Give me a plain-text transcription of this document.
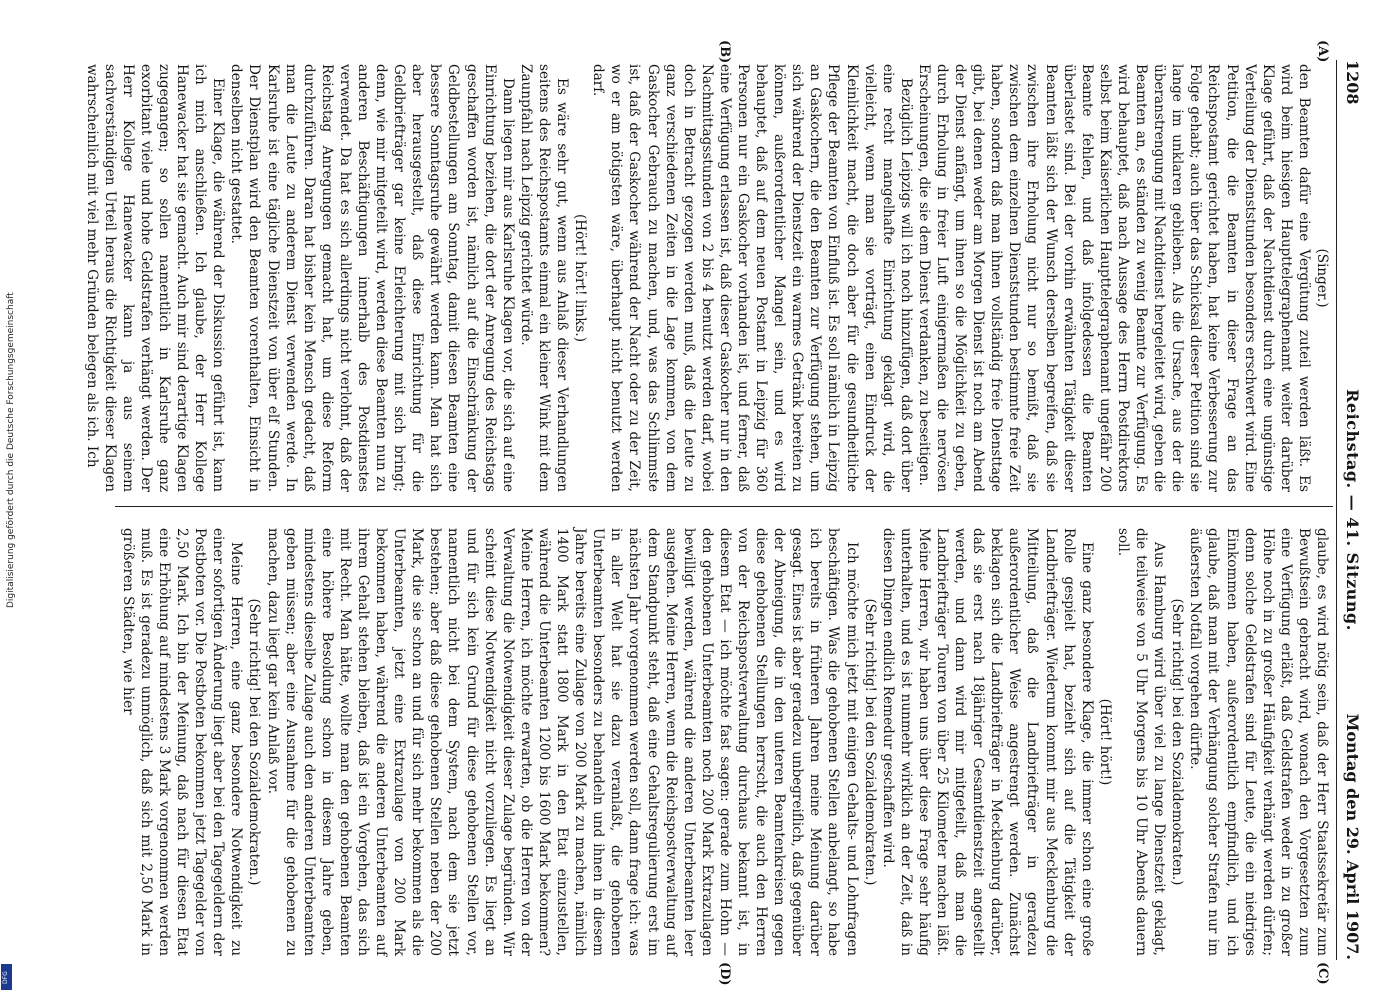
1208
Reichstag. — 41. Sitzung.
Montag den 29. April 1907.
(A)
(B)
(C)
(D)

(Singer.)

den Beamten dafür eine Vergütung zuteil werden läßt. Es wird beim hiesigen Haupttelegraphenamt weiter darüber Klage geführt, daß der Nachtdienst durch eine ungünstige Verteilung der Dienststunden besonders erschwert wird. Eine Petition, die die Beamten in dieser Frage an das Reichspostamt gerichtet haben, hat keine Verbesserung zur Folge gehabt; auch über das Schicksal dieser Petition sind sie lange im unklaren geblieben. Als die Ursache, aus der die überanstrengung mit Nachtdienst hergeleitet wird, geben die Beamten an, es ständen zu wenig Beamte zur Verfügung. Es wird behauptet, daß nach Aussage des Herrn Postdirektors selbst beim Kaiserlichen Haupttelegraphenamt ungefähr 200 Beamte fehlen, und daß infolgedessen die Beamten überlastet sind. Bei der vorhin erwähnten Tätigkeit dieser Beamten läßt sich der Wunsch derselben begreifen, daß sie zwischen ihre Erholung nicht nur so bemißt, daß sie zwischen dem einzelnen Dienststunden bestimmte freie Zeit haben, sondern daß man ihnen vollständig freie Diensttage gibt, bei denen weder am Morgen Dienst ist noch am Abend der Dienst anfängt, um ihnen so die Möglichkeit zu geben, durch Erholung in freier Luft einigermaßen die nervösen Erscheinungen, die sie dem Dienst verdanken, zu beseitigen.

Bezüglich Leipzigs will ich noch hinzufügen, daß dort über eine recht mangelhafte Einrichtung geklagt wird, die vielleicht, wenn man sie vorträgt, einen Eindruck der Kleinlichkeit macht, die doch aber für die gesundheitliche Pflege der Beamten von Einfluß ist. Es soll nämlich in Leipzig an Gaskochern, die den Beamten zur Verfügung stehen, um sich während der Dienstzeit ein warmes Getränk bereiten zu können, außerordentlicher Mangel sein, und es wird behauptet, daß auf dem neuen Postamt in Leipzig für 360 Personen nur ein Gaskocher vorhanden ist, und ferner, daß eine Verfügung erlassen ist, daß dieser Gaskocher nur in den Nachmittagsstunden von 2 bis 4 benutzt werden darf, wobei doch in Betracht gezogen werden muß, daß die Leute zu ganz verschiedenen Zeiten in die Lage kommen, von dem Gaskocher Gebrauch zu machen, und, was das Schlimmste ist, daß der Gaskocher während der Nacht oder zu der Zeit, wo er am nötigsten wäre, überhaupt nicht benutzt werden darf.

(Hört! hört! links.)

Es wäre sehr gut, wenn aus Anlaß dieser Verhandlungen seitens des Reichspostamts einmal ein kleiner Wink mit dem Zaunpfahl nach Leipzig gerichtet würde.

Dann liegen mir aus Karlsruhe Klagen vor, die sich auf eine Einrichtung beziehen, die dort der Anregung des Reichstags geschaffen worden ist, nämlich auf die Einschränkung der Geldbestellungen am Sonntag, damit diesen Beamten eine bessere Sonntagsruhe gewährt werden kann. Man hat sich aber herausgestellt, daß diese Einrichtung für die Geldbriefträger gar keine Erleichterung mit sich bringt; denn, wie mir mitgeteilt wird, werden diese Beamten nun zu anderen Beschäftigungen innerhalb des Postdienstes verwendet. Da hat es sich allerdings nicht verlohnt, daß der Reichstag Anregungen gemacht hat, um diese Reform durchzuführen. Daran hat bisher kein Mensch gedacht, daß man die Leute zu anderem Dienst verwenden werde. In Karlsruhe ist eine tägliche Dienstzeit von über elf Stunden. Der Dienstplan wird den Beamten vorenthalten, Einsicht in denselben nicht gestattet.

Einer Klage, die während der Diskussion geführt ist, kann ich mich anschließen. Ich glaube, der Herr Kollege Hanewacker hat sie gemacht. Auch mir sind derartige Klagen zugegangen; so sollen namentlich in Karlsruhe ganz exorbitant viele und hohe Geldstrafen verhängt werden. Der Herr Kollege Hanewacker kann ja aus seinem sachverständigen Urteil heraus die Richtigkeit dieser Klagen wahrscheinlich mit viel mehr Gründen belegen als ich. Ich

glaube, es wird nötig sein, daß der Herr Staatssekretär zum Bewußtsein gebracht wird, wonach den Vorgesetzten zum eine Verfügung erläßt, daß Geldstrafen weder in zu großer Höhe noch in zu großer Häufigkeit verhängt werden dürfen; denn solche Geldstrafen sind für Leute, die ein niedriges Einkommen haben, außerordentlich empfindlich, und ich glaube, daß man mit der Verhängung solcher Strafen nur im äußersten Notfall vorgehen dürfte.

(Sehr richtig! bei den Sozialdemokraten.)

Aus Hamburg wird über viel zu lange Dienstzeit geklagt, die teilweise von 5 Uhr Morgens bis 10 Uhr Abends dauern soll.

(Hört! hört!)

Eine ganz besondere Klage, die immer schon eine große Rolle gespielt hat, bezieht sich auf die Tätigkeit der Landbriefträger. Wiederum kommt mir aus Mecklenburg die Mitteilung, daß die Landbriefträger in geradezu außerordentlicher Weise angestrengt werden. Zunächst beklagen sich die Landbriefträger in Mecklenburg darüber, daß sie erst nach 18jähriger Gesamtdienstzeit angestellt werden, und dann wird mir mitgeteilt, daß man die Landbriefträger Touren von über 25 Kilometer machen läßt. Meine Herren, wir haben uns über diese Frage sehr häufig unterhalten, und es ist nunmehr wirklich an der Zeit, daß in diesen Dingen endlich Remedur geschaffen wird.

(Sehr richtig! bei den Sozialdemokraten.)

Ich möchte mich jetzt mit einigen Gehalts- und Lohnfragen beschäftigen. Was die gehobenen Stellen anbelangt, so habe ich bereits in früheren Jahren meine Meinung darüber gesagt. Eines ist aber geradezu unbegreiflich, daß gegenüber der Abneigung, die in den unteren Beamtenkreisen gegen diese gehobenen Stellungen herrscht, die auch den Herren von der Reichspostverwaltung durchaus bekannt ist, in diesem Etat — ich möchte fast sagen: gerade zum Hohn — den gehobenen Unterbeamten noch 200 Mark Extrazulagen bewilligt werden, während die anderen Unterbeamten leer ausgehen. Meine Herren, wenn die Reichspostverwaltung auf dem Standpunkt steht, daß eine Gehaltsregulierung erst im nächsten Jahr vorgenommen werden soll, dann frage ich: was in aller Welt hat sie dazu veranlaßt, die gehobenen Unterbeamten besonders zu behandeln und ihnen in diesem Jahre bereits eine Zulage von 200 Mark zu machen, nämlich 1400 Mark statt 1800 Mark in den Etat einzustellen, während die Unterbeamten 1200 bis 1600 Mark bekommen? Meine Herren, ich möchte erwarten, ob die Herren von der Verwaltung die Notwendigkeit dieser Zulage begründen. Wir scheint diese Notwendigkeit nicht vorzuliegen. Es liegt an und für sich kein Grund für diese gehobenen Stellen vor, namentlich nicht bei dem System, nach dem sie jetzt bestehen; aber daß diese gehobenen Stellen neben der 200 Mark, die sie schon an und für sich mehr bekommen als die Unterbeamten, jetzt eine Extrazulage von 200 Mark bekommen haben, während die anderen Unterbeamten auf ihrem Gehalt stehen bleiben, daß ist ein Vorgehen, das sich mit Recht. Man hätte, wollte man den gehobenen Beamten eine höhere Besoldung schon in diesem Jahre geben, mindestens dieselbe Zulage auch den anderen Unterbeamten geben müssen; aber eine Ausnahme für die gehobenen zu machen, dazu liegt gar kein Anlaß vor.

(Sehr richtig! bei den Sozialdemokraten.)

Meine Herren, eine ganz besondere Notwendigkeit zu einer sofortigen Änderung liegt aber bei den Tagegeldern der Postboten vor. Die Postboten bekommen jetzt Tagegelder von 2,50 Mark. Ich bin der Meinung, daß nach für diesen Etat eine Erhöhung auf mindestens 3 Mark vorgenommen werden muß. Es ist geradezu unmöglich, daß sich mit 2,50 Mark in größeren Städten, wie hier

Digitalisierung gefördert durch die Deutsche Forschungsgemeinschaft
DFG
